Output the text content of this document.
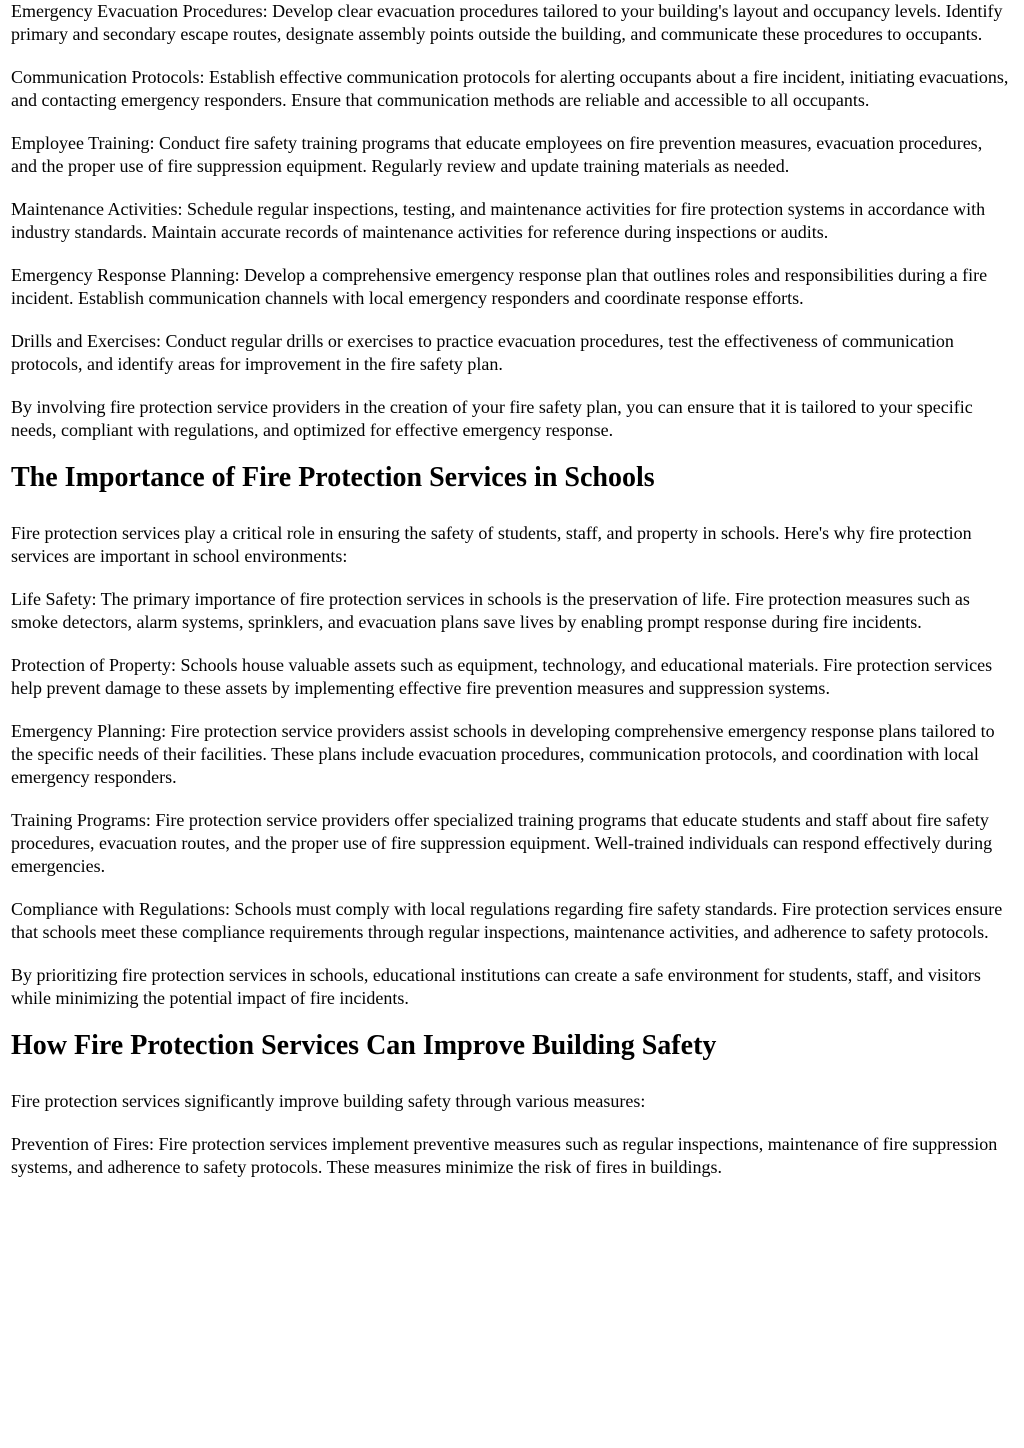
Emergency Evacuation Procedures: Develop clear evacuation procedures tailored to your building's layout and occupancy levels. Identify primary and secondary escape routes, designate assembly points outside the building, and communicate these procedures to occupants.

Communication Protocols: Establish effective communication protocols for alerting occupants about a fire incident, initiating evacuations, and contacting emergency responders. Ensure that communication methods are reliable and accessible to all occupants.

Employee Training: Conduct fire safety training programs that educate employees on fire prevention measures, evacuation procedures, and the proper use of fire suppression equipment. Regularly review and update training materials as needed.

Maintenance Activities: Schedule regular inspections, testing, and maintenance activities for fire protection systems in accordance with industry standards. Maintain accurate records of maintenance activities for reference during inspections or audits.

Emergency Response Planning: Develop a comprehensive emergency response plan that outlines roles and responsibilities during a fire incident. Establish communication channels with local emergency responders and coordinate response efforts.

Drills and Exercises: Conduct regular drills or exercises to practice evacuation procedures, test the effectiveness of communication protocols, and identify areas for improvement in the fire safety plan.

By involving fire protection service providers in the creation of your fire safety plan, you can ensure that it is tailored to your specific needs, compliant with regulations, and optimized for effective emergency response.

The Importance of Fire Protection Services in Schools

Fire protection services play a critical role in ensuring the safety of students, staff, and property in schools. Here's why fire protection services are important in school environments:

Life Safety: The primary importance of fire protection services in schools is the preservation of life. Fire protection measures such as smoke detectors, alarm systems, sprinklers, and evacuation plans save lives by enabling prompt response during fire incidents.

Protection of Property: Schools house valuable assets such as equipment, technology, and educational materials. Fire protection services help prevent damage to these assets by implementing effective fire prevention measures and suppression systems.

Emergency Planning: Fire protection service providers assist schools in developing comprehensive emergency response plans tailored to the specific needs of their facilities. These plans include evacuation procedures, communication protocols, and coordination with local emergency responders.

Training Programs: Fire protection service providers offer specialized training programs that educate students and staff about fire safety procedures, evacuation routes, and the proper use of fire suppression equipment. Well-trained individuals can respond effectively during emergencies.

Compliance with Regulations: Schools must comply with local regulations regarding fire safety standards. Fire protection services ensure that schools meet these compliance requirements through regular inspections, maintenance activities, and adherence to safety protocols.

By prioritizing fire protection services in schools, educational institutions can create a safe environment for students, staff, and visitors while minimizing the potential impact of fire incidents.

How Fire Protection Services Can Improve Building Safety

Fire protection services significantly improve building safety through various measures:

Prevention of Fires: Fire protection services implement preventive measures such as regular inspections, maintenance of fire suppression systems, and adherence to safety protocols. These measures minimize the risk of fires in buildings.
